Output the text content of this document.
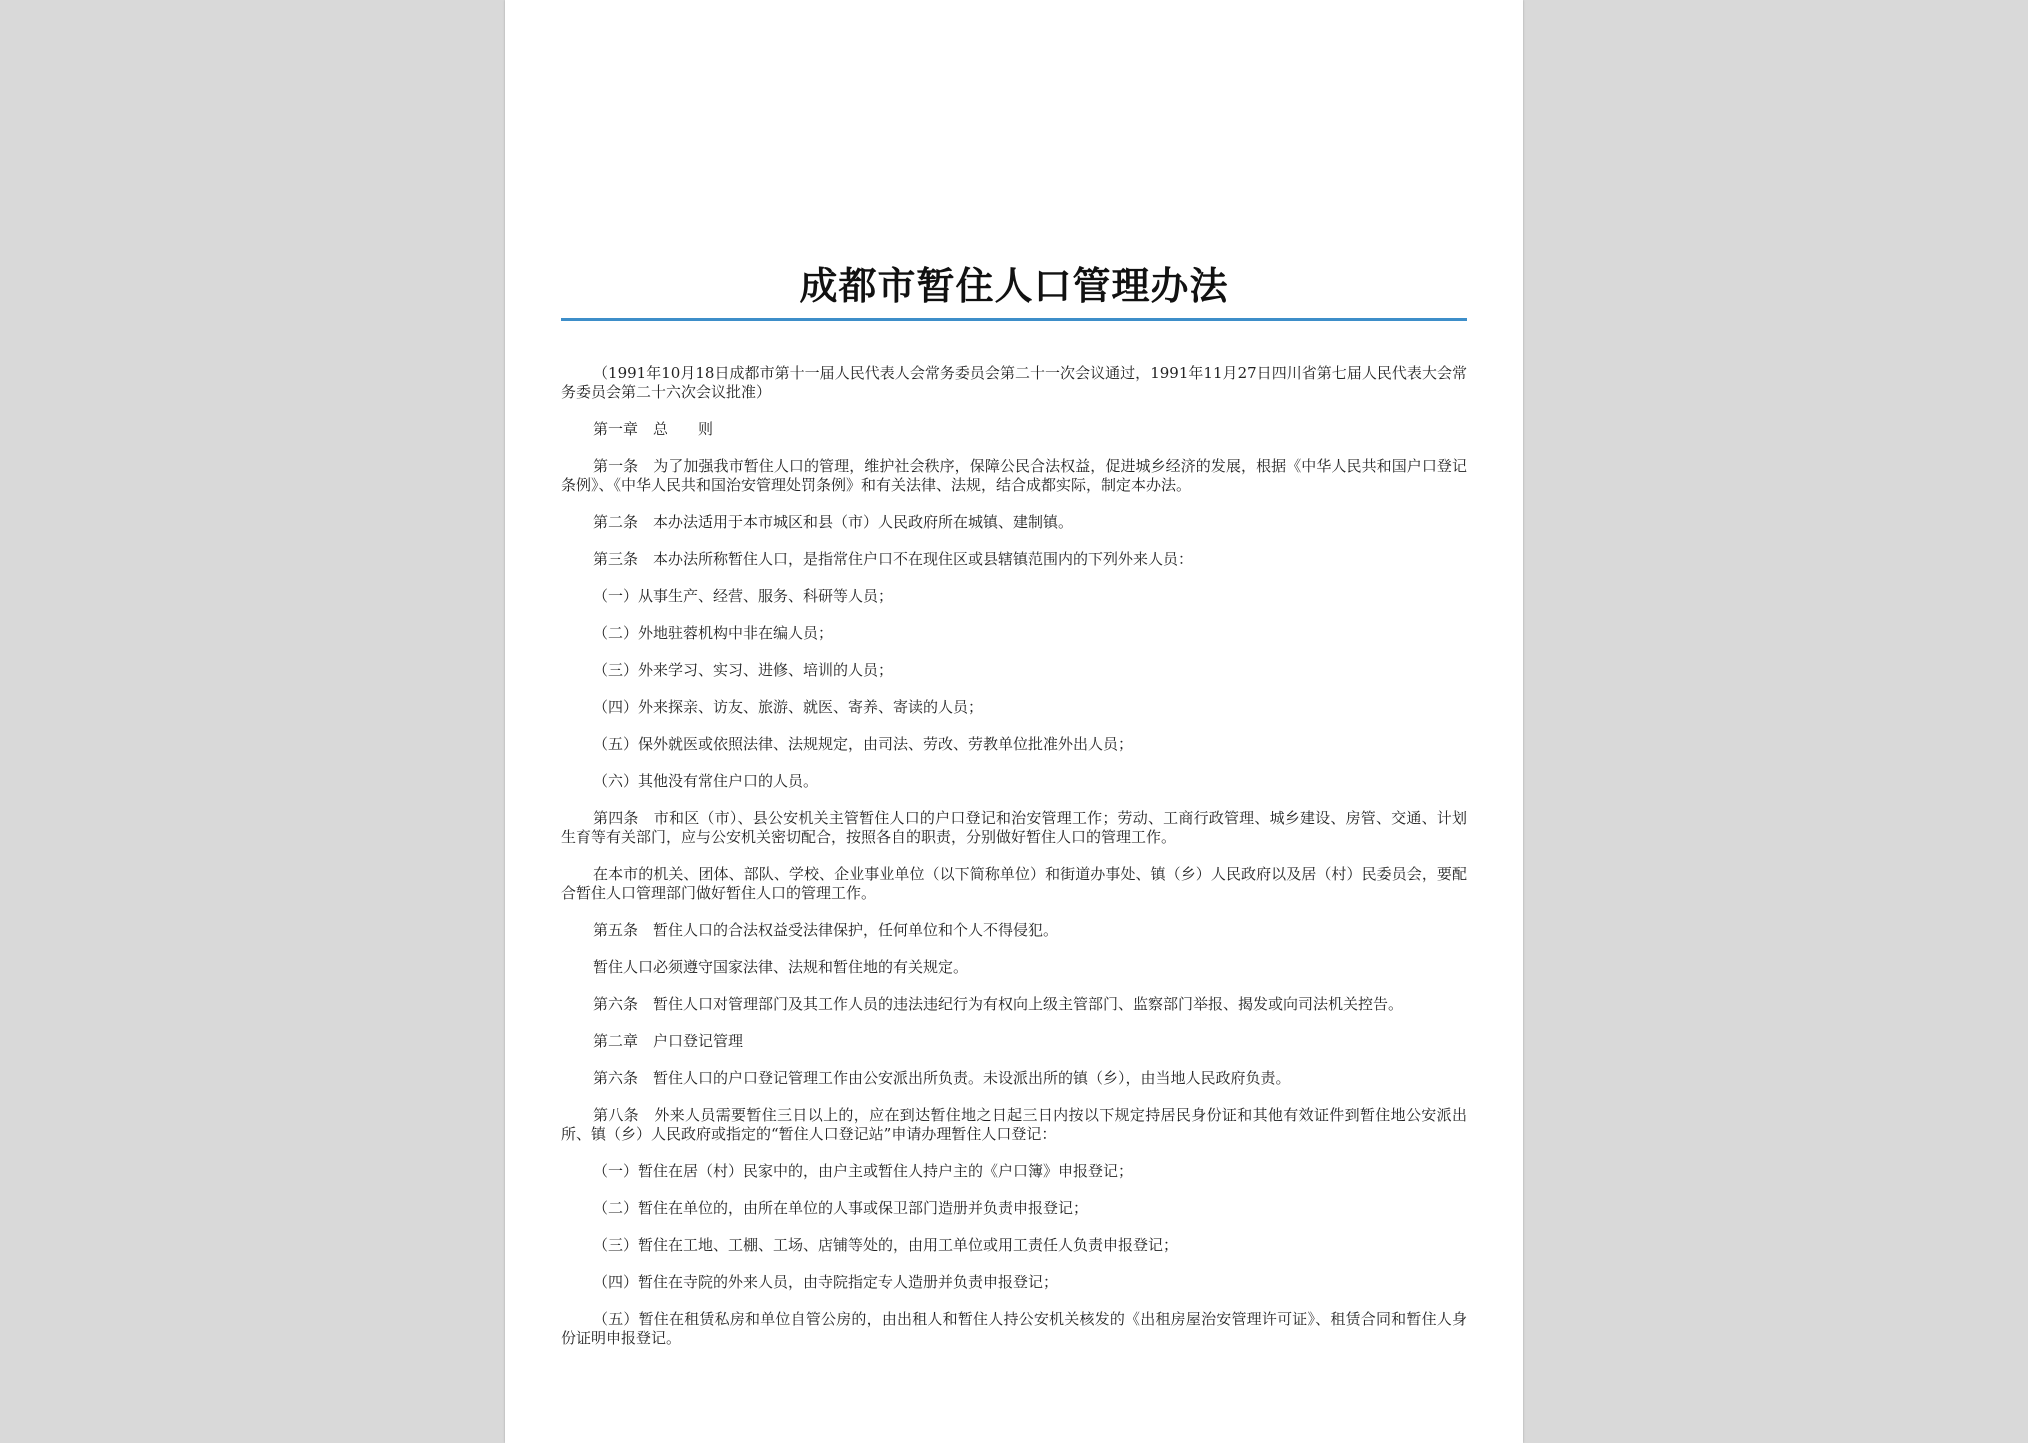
成都市暂住人口管理办法

（1991年10月18日成都市第十一届人民代表人会常务委员会第二十一次会议通过，1991年11月27日四川省第七届人民代表大会常务委员会第二十六次会议批准）

第一章　总　　则

第一条　为了加强我市暂住人口的管理，维护社会秩序，保障公民合法权益，促进城乡经济的发展，根据《中华人民共和国户口登记条例》、《中华人民共和国治安管理处罚条例》和有关法律、法规，结合成都实际，制定本办法。

第二条　本办法适用于本市城区和县（市）人民政府所在城镇、建制镇。

第三条　本办法所称暂住人口，是指常住户口不在现住区或县辖镇范围内的下列外来人员：

（一）从事生产、经营、服务、科研等人员；

（二）外地驻蓉机构中非在编人员；

（三）外来学习、实习、进修、培训的人员；

（四）外来探亲、访友、旅游、就医、寄养、寄读的人员；

（五）保外就医或依照法律、法规规定，由司法、劳改、劳教单位批准外出人员；

（六）其他没有常住户口的人员。

第四条　市和区（市）、县公安机关主管暂住人口的户口登记和治安管理工作；劳动、工商行政管理、城乡建设、房管、交通、计划生育等有关部门，应与公安机关密切配合，按照各自的职责，分别做好暂住人口的管理工作。

在本市的机关、团体、部队、学校、企业事业单位（以下简称单位）和街道办事处、镇（乡）人民政府以及居（村）民委员会，要配合暂住人口管理部门做好暂住人口的管理工作。

第五条　暂住人口的合法权益受法律保护，任何单位和个人不得侵犯。

暂住人口必须遵守国家法律、法规和暂住地的有关规定。

第六条　暂住人口对管理部门及其工作人员的违法违纪行为有权向上级主管部门、监察部门举报、揭发或向司法机关控告。

第二章　户口登记管理

第六条　暂住人口的户口登记管理工作由公安派出所负责。未设派出所的镇（乡），由当地人民政府负责。

第八条　外来人员需要暂住三日以上的，应在到达暂住地之日起三日内按以下规定持居民身份证和其他有效证件到暂住地公安派出所、镇（乡）人民政府或指定的“暂住人口登记站”申请办理暂住人口登记：

（一）暂住在居（村）民家中的，由户主或暂住人持户主的《户口簿》申报登记；

（二）暂住在单位的，由所在单位的人事或保卫部门造册并负责申报登记；

（三）暂住在工地、工棚、工场、店铺等处的，由用工单位或用工责任人负责申报登记；

（四）暂住在寺院的外来人员，由寺院指定专人造册并负责申报登记；

（五）暂住在租赁私房和单位自管公房的，由出租人和暂住人持公安机关核发的《出租房屋治安管理许可证》、租赁合同和暂住人身份证明申报登记。
